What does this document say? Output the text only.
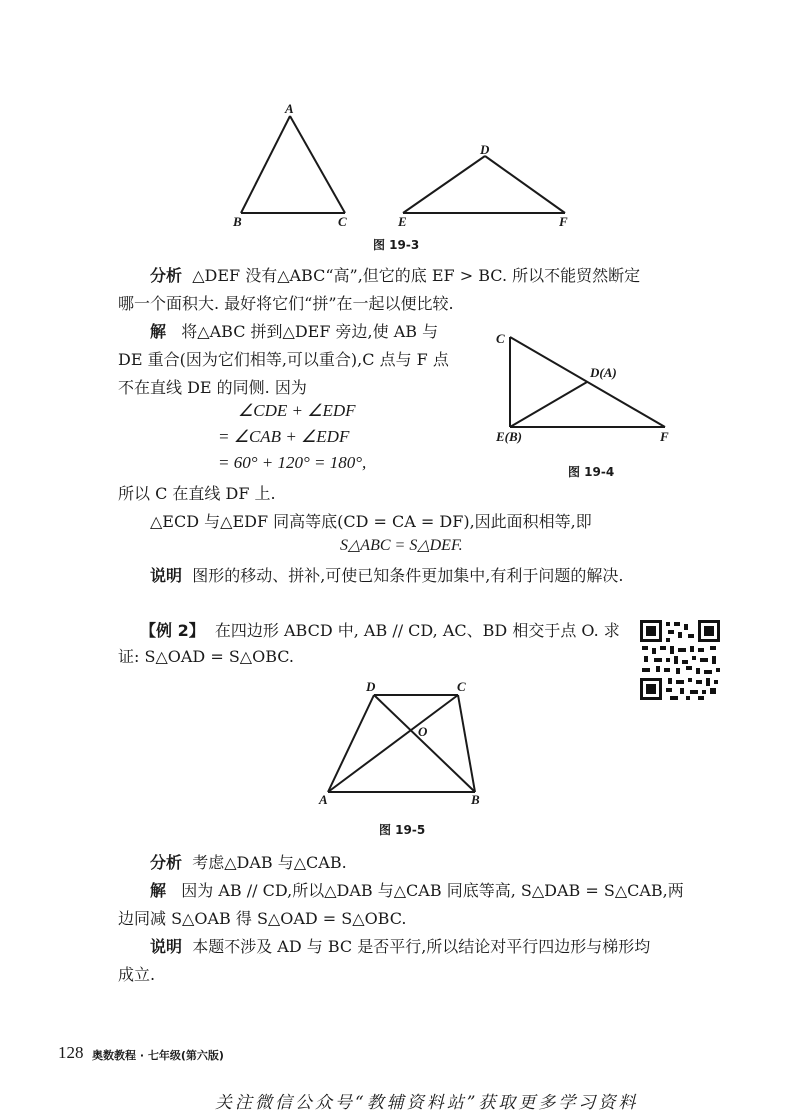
A
B	C
D
E	F
图 19-3
分析 △DEF 没有△ABC“高”,但它的底 EF > BC. 所以不能贸然断定
哪一个面积大. 最好将它们“拼”在一起以便比较.
解 将△ABC 拼到△DEF 旁边,使 AB 与
DE 重合(因为它们相等,可以重合),C 点与 F 点
不在直线 DE 的同侧. 因为
∠CDE + ∠EDF
= ∠CAB + ∠EDF
= 60° + 120° = 180°,
所以 C 在直线 DF 上.
△ECD 与△EDF 同高等底(CD = CA = DF),因此面积相等,即
S△ABC = S△DEF.
C
D(A)
E(B)	F
图 19-4
说明 图形的移动、拼补,可使已知条件更加集中,有利于问题的解决.
【例 2】 在四边形 ABCD 中, AB // CD, AC、BD 相交于点 O. 求
证: S△OAD = S△OBC.
A	B
C
D
O
图 19-5
分析 考虑△DAB 与△CAB.
解 因为 AB // CD,所以△DAB 与△CAB 同底等高, S△DAB = S△CAB,两
边同减 S△OAB 得 S△OAD = S△OBC.
说明 本题不涉及 AD 与 BC 是否平行,所以结论对平行四边形与梯形均
成立.
128 奥数教程 · 七年级(第六版)
关注微信公众号“教辅资料站”获取更多学习资料
